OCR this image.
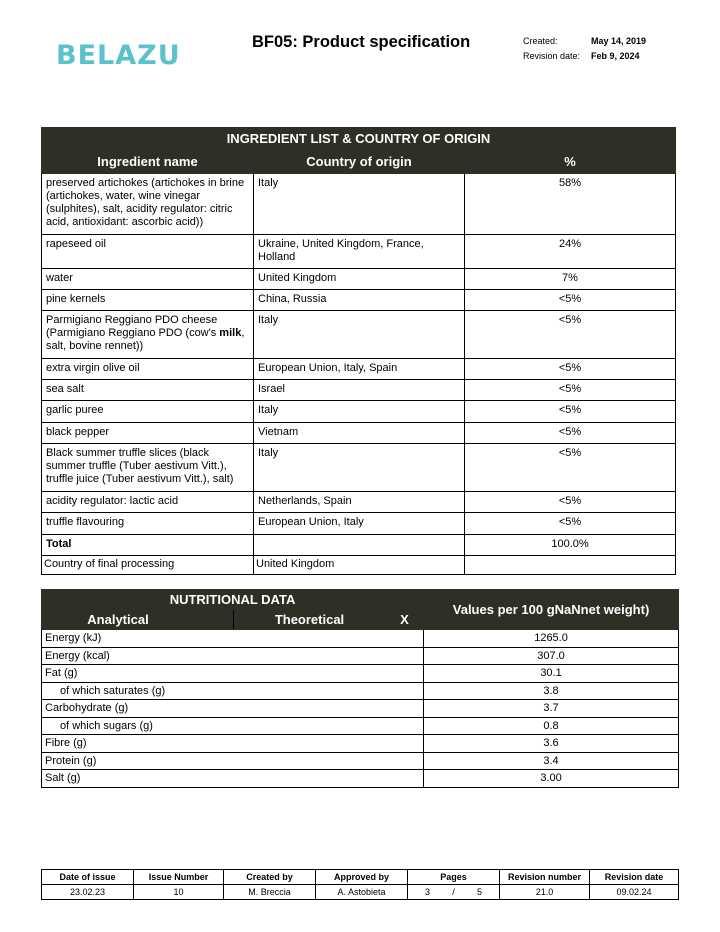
BELAZU	BF05: Product specification	Created:	May 14, 2019
Revision date:	Feb 9, 2024
INGREDIENT LIST & COUNTRY OF ORIGIN		
Ingredient name	Country of origin	%
preserved artichokes (artichokes in brine (artichokes, water, wine vinegar (sulphites), salt, acidity regulator: citric acid, antioxidant: ascorbic acid))	Italy	58%
rapeseed oil	Ukraine, United Kingdom, France, Holland	24%
water	United Kingdom	7%
pine kernels	China, Russia	<5%
Parmigiano Reggiano PDO cheese (Parmigiano Reggiano PDO (cow's milk, salt, bovine rennet))	Italy	<5%
extra virgin olive oil	European Union, Italy, Spain	<5%
sea salt	Israel	<5%
garlic puree	Italy	<5%
black pepper	Vietnam	<5%
Black summer truffle slices (black summer truffle (Tuber aestivum Vitt.), truffle juice (Tuber aestivum Vitt.), salt)	Italy	<5%
acidity regulator: lactic acid	Netherlands, Spain	<5%
truffle flavouring	European Union, Italy	<5%
Total		100.0%
Country of final processing	United Kingdom	
NUTRITIONAL DATA				Values per 100 gNaNnet weight)
Analytical		Theoretical	X	
Energy (kJ)				1265.0
Energy (kcal)				307.0
Fat (g)				30.1
of which saturates (g)				3.8
Carbohydrate (g)				3.7
of which sugars (g)				0.8
Fibre (g)				3.6
Protein (g)				3.4
Salt (g)				3.00
Date of issue	Issue Number	Created by	Approved by	Pages	Revision number	Revision date
23.02.23	10	M. Breccia	A. Astobieta	3 / 5	21.0	09.02.24
